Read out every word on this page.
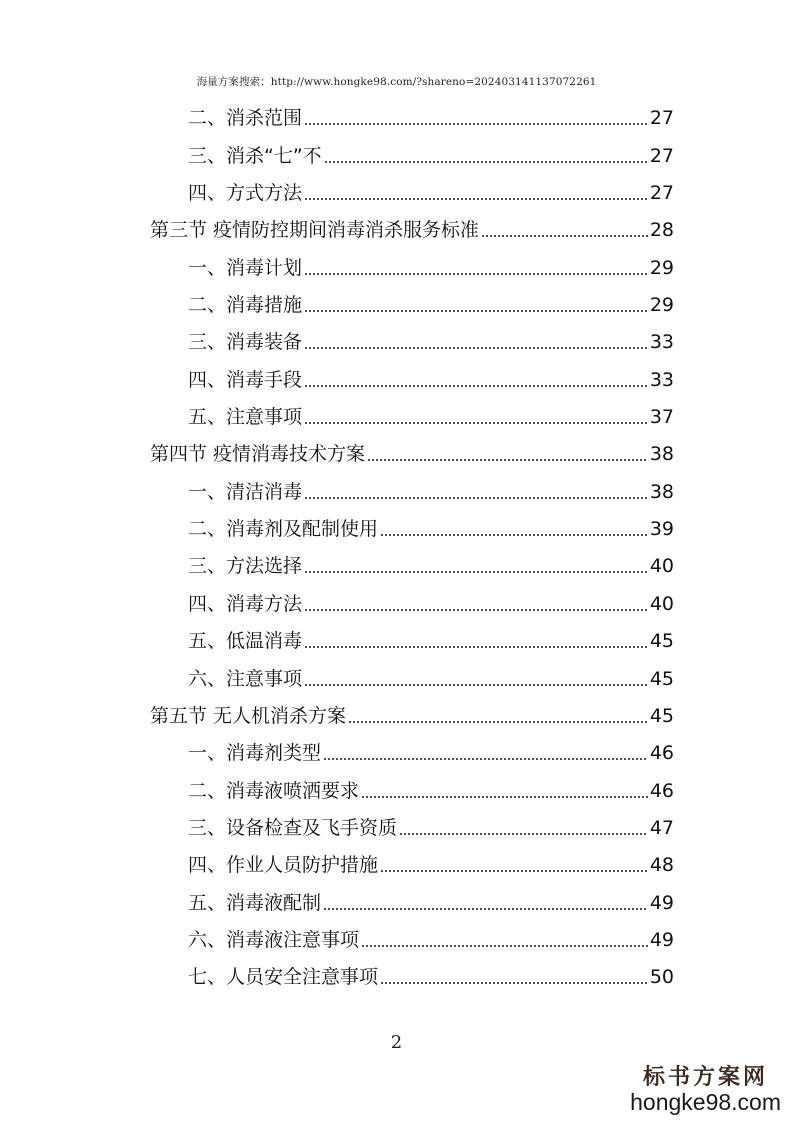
海量方案搜索：http://www.hongke98.com/?shareno=202403141137072261
二、消杀范围	27
三、消杀“七”不	27
四、方式方法	27
第三节 疫情防控期间消毒消杀服务标准	28
一、消毒计划	29
二、消毒措施	29
三、消毒装备	33
四、消毒手段	33
五、注意事项	37
第四节 疫情消毒技术方案	38
一、清洁消毒	38
二、消毒剂及配制使用	39
三、方法选择	40
四、消毒方法	40
五、低温消毒	45
六、注意事项	45
第五节 无人机消杀方案	45
一、消毒剂类型	46
二、消毒液喷洒要求	46
三、设备检查及飞手资质	47
四、作业人员防护措施	48
五、消毒液配制	49
六、消毒液注意事项	49
七、人员安全注意事项	50
2
标书方案网
hongke98.com
